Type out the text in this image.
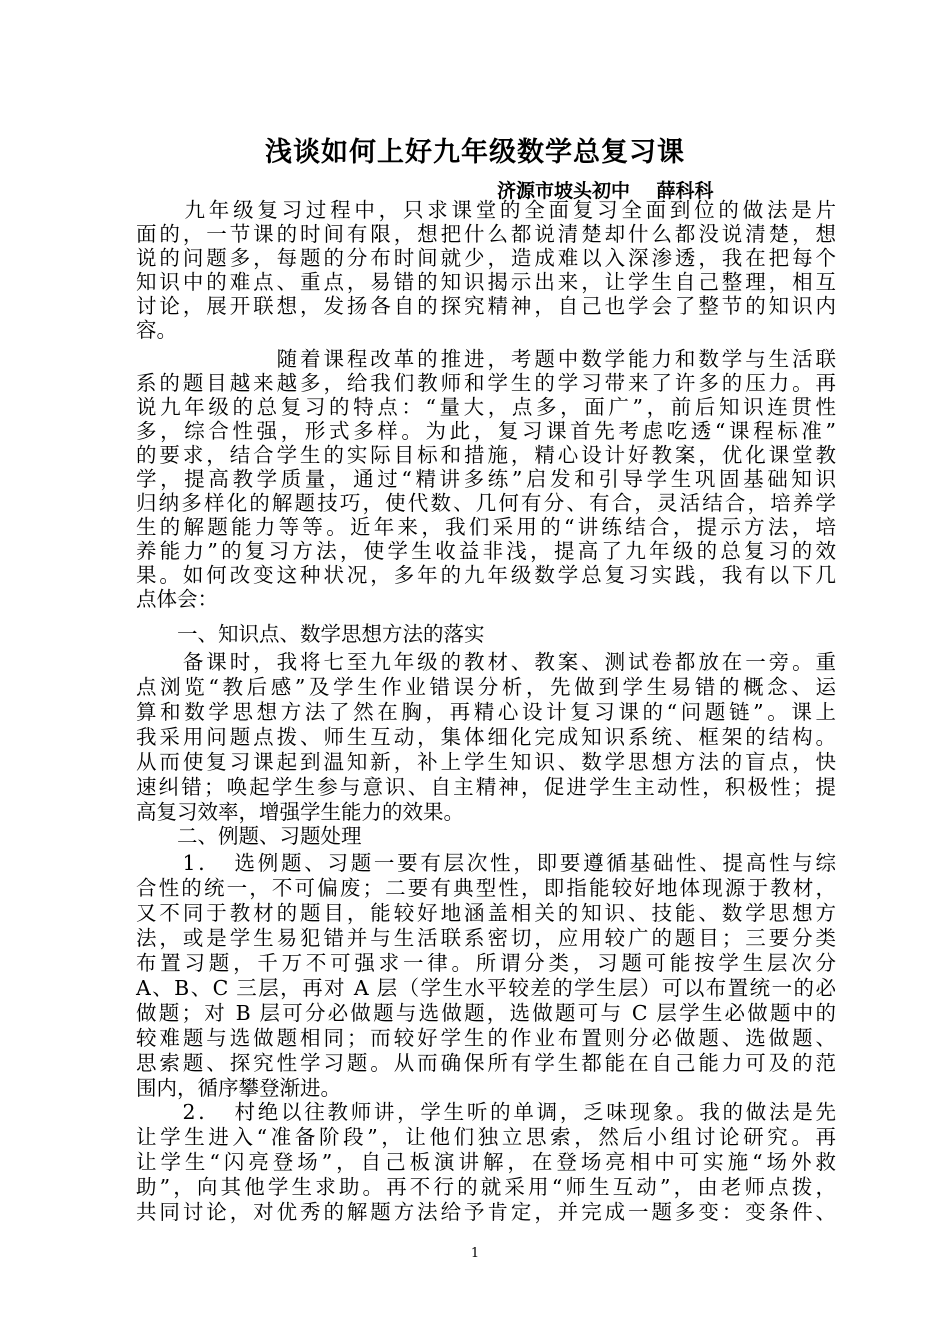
浅谈如何上好九年级数学总复习课
济源市坡头初中    薛科科
　　九年级复习过程中，只求课堂的全面复习全面到位的做法是片
面的，一节课的时间有限，想把什么都说清楚却什么都没说清楚，想
说的问题多，每题的分布时间就少，造成难以入深渗透，我在把每个
知识中的难点、重点，易错的知识揭示出来，让学生自己整理，相互
讨论，展开联想，发扬各自的探究精神，自己也学会了整节的知识内
容。
　　　　　　随着课程改革的推进，考题中数学能力和数学与生活联
系的题目越来越多，给我们教师和学生的学习带来了许多的压力。再
说九年级的总复习的特点：“量大，点多，面广”，前后知识连贯性
多，综合性强，形式多样。为此，复习课首先考虑吃透“课程标准”
的要求，结合学生的实际目标和措施，精心设计好教案，优化课堂教
学，提高教学质量，通过“精讲多练”启发和引导学生巩固基础知识
归纳多样化的解题技巧，使代数、几何有分、有合，灵活结合，培养学
生的解题能力等等。近年来，我们采用的“讲练结合，提示方法，培
养能力”的复习方法，使学生收益非浅，提高了九年级的总复习的效
果。如何改变这种状况，多年的九年级数学总复习实践，我有以下几
点体会：
　　一、知识点、数学思想方法的落实
　　备课时，我将七至九年级的教材、教案、测试卷都放在一旁。重
点浏览“教后感”及学生作业错误分析，先做到学生易错的概念、运
算和数学思想方法了然在胸，再精心设计复习课的“问题链”。课上
我采用问题点拨、师生互动，集体细化完成知识系统、框架的结构。
从而使复习课起到温知新，补上学生知识、数学思想方法的盲点，快
速纠错；唤起学生参与意识、自主精神，促进学生主动性，积极性；提
高复习效率，增强学生能力的效果。
　　二、例题、习题处理
　　1．　选例题、习题一要有层次性，即要遵循基础性、提高性与综
合性的统一，不可偏废；二要有典型性，即指能较好地体现源于教材，
又不同于教材的题目，能较好地涵盖相关的知识、技能、数学思想方
法，或是学生易犯错并与生活联系密切，应用较广的题目；三要分类
布置习题，千万不可强求一律。所谓分类，习题可能按学生层次分
A、B、C 三层，再对 A 层（学生水平较差的学生层）可以布置统一的必
做题；对 B 层可分必做题与选做题，选做题可与 C 层学生必做题中的
较难题与选做题相同；而较好学生的作业布置则分必做题、选做题、
思索题、探究性学习题。从而确保所有学生都能在自己能力可及的范
围内，循序攀登渐进。
　　2．　村绝以往教师讲，学生听的单调，乏味现象。我的做法是先
让学生进入“准备阶段”，让他们独立思索，然后小组讨论研究。再
让学生“闪亮登场”，自己板演讲解，在登场亮相中可实施“场外救
助”，向其他学生求助。再不行的就采用“师生互动”，由老师点拨，
共同讨论，对优秀的解题方法给予肯定，并完成一题多变：变条件、
1
